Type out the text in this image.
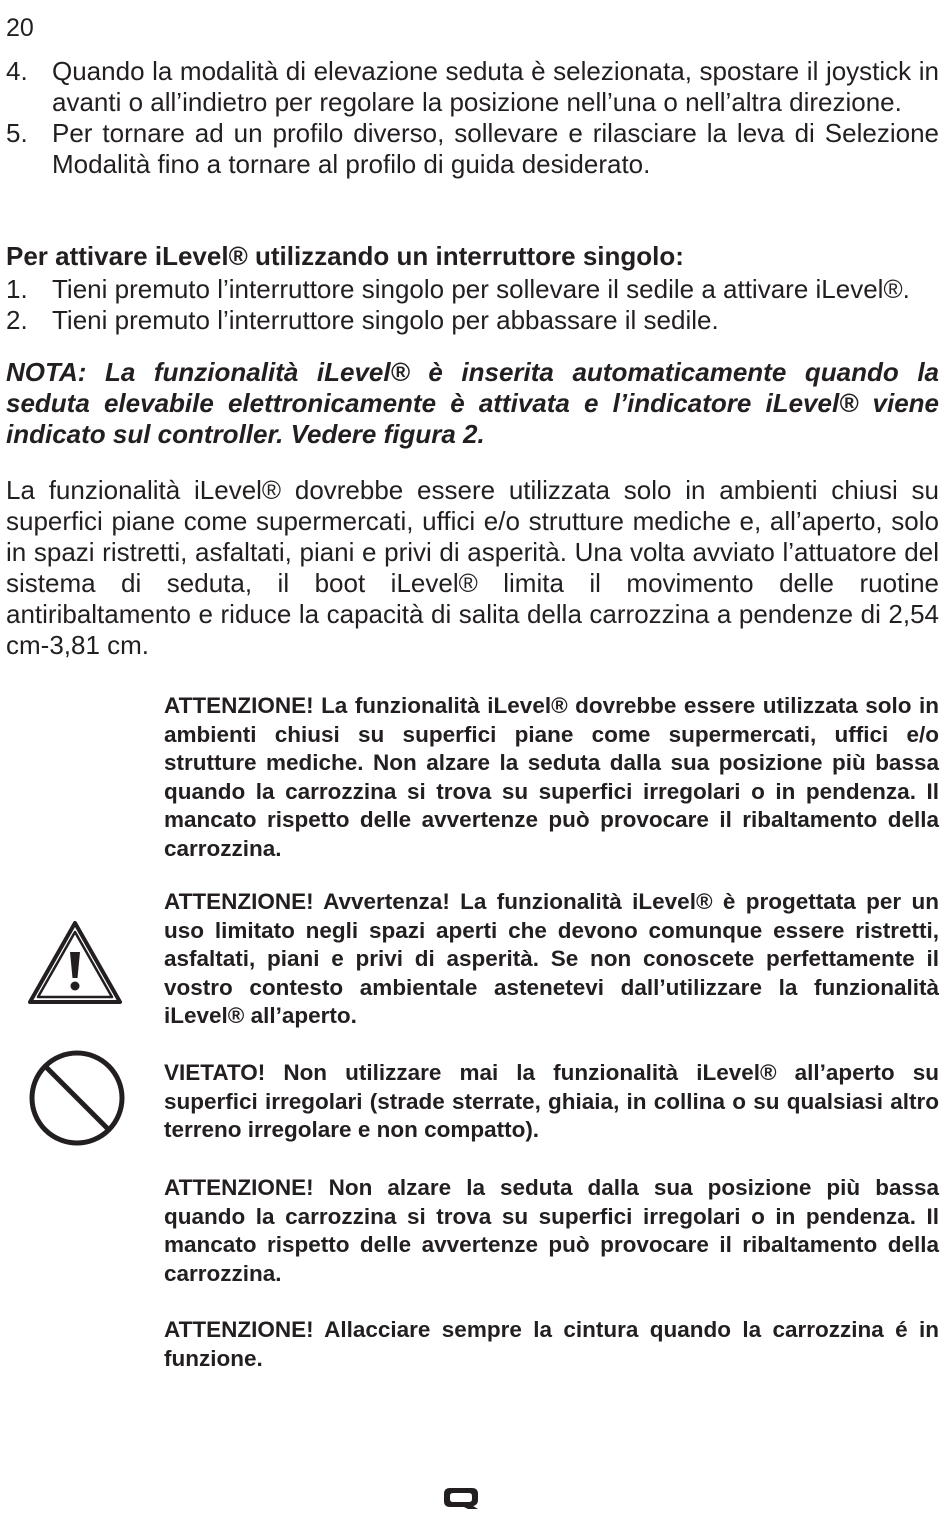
20
4. Quando la modalità di elevazione seduta è selezionata, spostare il joystick in avanti o all’indietro per regolare la posizione nell’una o nell’altra direzione.
5. Per tornare ad un profilo diverso, sollevare e rilasciare la leva di Selezione Modalità fino a tornare al profilo di guida desiderato.
Per attivare iLevel® utilizzando un interruttore singolo:
1. Tieni premuto l’interruttore singolo per sollevare il sedile a attivare iLevel®.
2. Tieni premuto l’interruttore singolo per abbassare il sedile.

NOTA: La funzionalità iLevel® è inserita automaticamente quando la seduta elevabile elettronicamente è attivata e l’indicatore iLevel® viene indicato sul controller. Vedere figura 2.

La funzionalità iLevel® dovrebbe essere utilizzata solo in ambienti chiusi su superfici piane come supermercati, uffici e/o strutture mediche e, all’aperto, solo in spazi ristretti, asfaltati, piani e privi di asperità. Una volta avviato l’attuatore del sistema di seduta, il boot iLevel® limita il movimento delle ruotine antiribaltamento e riduce la capacità di salita della carrozzina a pendenze di 2,54 cm-3,81 cm.

ATTENZIONE! La funzionalità iLevel® dovrebbe essere utilizzata solo in ambienti chiusi su superfici piane come supermercati, uffici e/o strutture mediche. Non alzare la seduta dalla sua posizione più bassa quando la carrozzina si trova su superfici irregolari o in pendenza. Il mancato rispetto delle avvertenze può provocare il ribaltamento della carrozzina.

ATTENZIONE! Avvertenza! La funzionalità iLevel® è progettata per un uso limitato negli spazi aperti che devono comunque essere ristretti, asfaltati, piani e privi di asperità. Se non conoscete perfettamente il vostro contesto ambientale astenetevi dall’utilizzare la funzionalità iLevel® all’aperto.

VIETATO! Non utilizzare mai la funzionalità iLevel® all’aperto su superfici irregolari (strade sterrate, ghiaia, in collina o su qualsiasi altro terreno irregolare e non compatto).

ATTENZIONE! Non alzare la seduta dalla sua posizione più bassa quando la carrozzina si trova su superfici irregolari o in pendenza. Il mancato rispetto delle avvertenze può provocare il ribaltamento della carrozzina.

ATTENZIONE! Allacciare sempre la cintura quando la carrozzina é in funzione.
